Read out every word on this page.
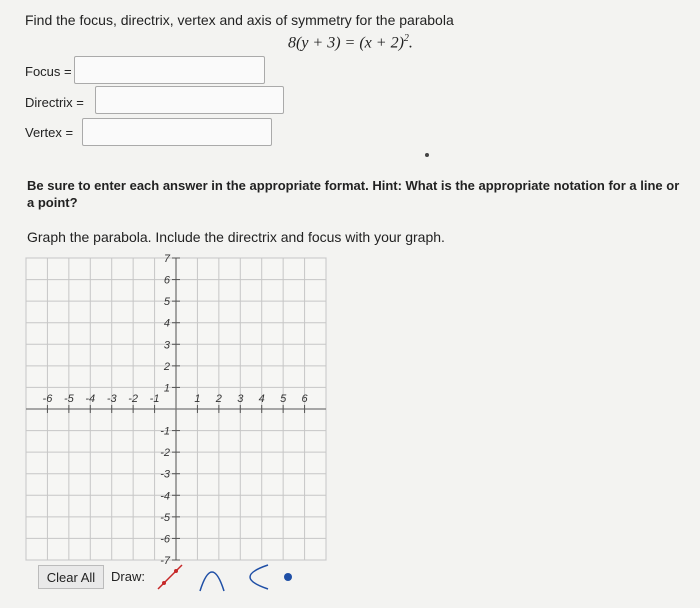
Find the focus, directrix, vertex and axis of symmetry for the parabola
$8(y + 3) = (x + 2)^2$.
Focus =
Directrix =
Vertex =
Be sure to enter each answer in the appropriate format. Hint: What is the appropriate notation for a line or a point?
Graph the parabola. Include the directrix and focus with your graph.
-6 -5 -4 -3 -2 -1	1 2 3 4 5 6
7
6
5
4
3
2
1
-1
-2
-3
-4
-5
-6
-7
Clear All	Draw:
